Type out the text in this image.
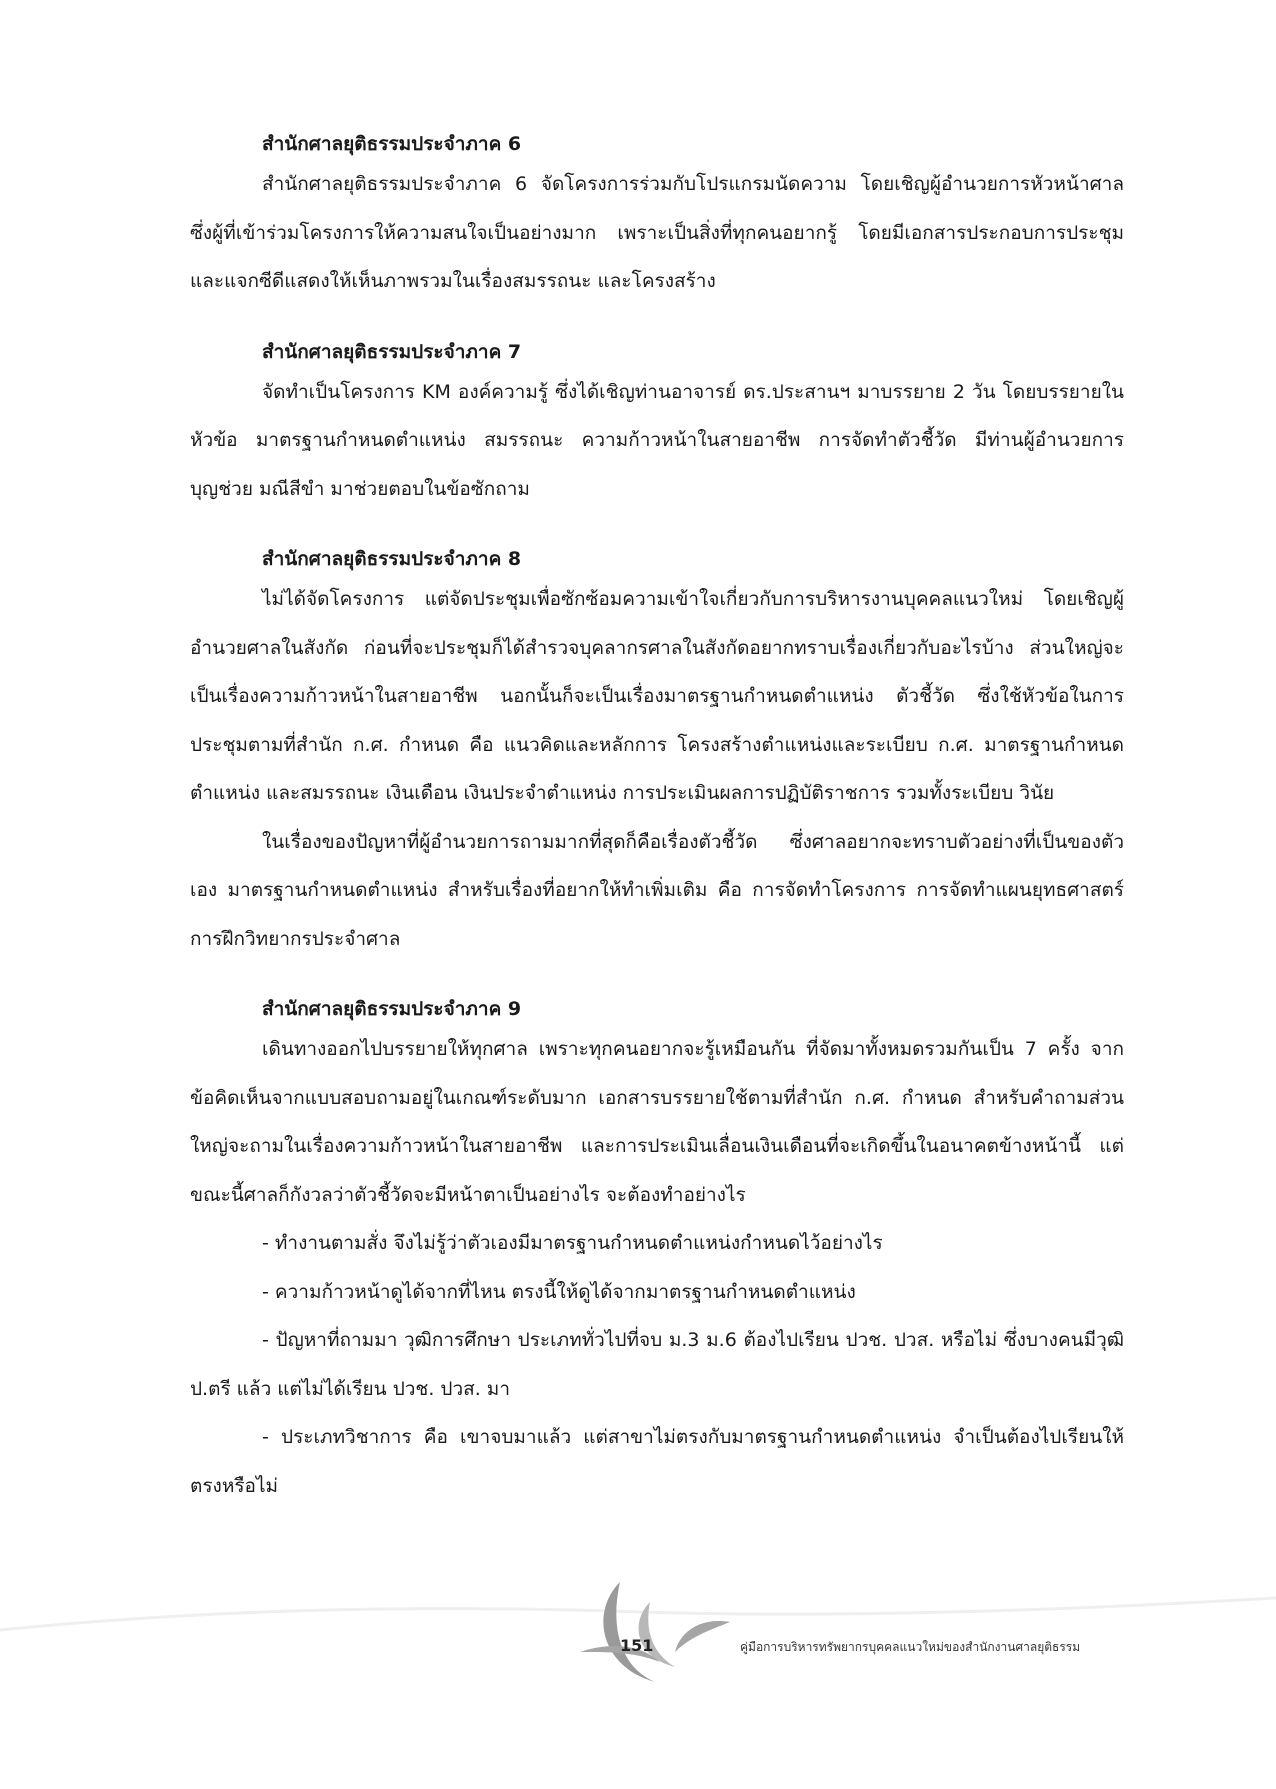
สำนักศาลยุติธรรมประจำภาค 6

สำนักศาลยุติธรรมประจำภาค 6 จัดโครงการร่วมกับโปรแกรมนัดความ โดยเชิญผู้อำนวยการหัวหน้าศาล ซึ่งผู้ที่เข้าร่วมโครงการให้ความสนใจเป็นอย่างมาก เพราะเป็นสิ่งที่ทุกคนอยากรู้ โดยมีเอกสารประกอบการประชุม และแจกซีดีแสดงให้เห็นภาพรวมในเรื่องสมรรถนะ และโครงสร้าง

สำนักศาลยุติธรรมประจำภาค 7

จัดทำเป็นโครงการ KM องค์ความรู้ ซึ่งได้เชิญท่านอาจารย์ ดร.ประสานฯ มาบรรยาย 2 วัน โดยบรรยายในหัวข้อ มาตรฐานกำหนดตำแหน่ง สมรรถนะ ความก้าวหน้าในสายอาชีพ การจัดทำตัวชี้วัด มีท่านผู้อำนวยการบุญช่วย มณีสีขำ มาช่วยตอบในข้อซักถาม

สำนักศาลยุติธรรมประจำภาค 8

ไม่ได้จัดโครงการ แต่จัดประชุมเพื่อซักซ้อมความเข้าใจเกี่ยวกับการบริหารงานบุคคลแนวใหม่ โดยเชิญผู้อำนวยศาลในสังกัด ก่อนที่จะประชุมก็ได้สำรวจบุคลากรศาลในสังกัดอยากทราบเรื่องเกี่ยวกับอะไรบ้าง ส่วนใหญ่จะเป็นเรื่องความก้าวหน้าในสายอาชีพ นอกนั้นก็จะเป็นเรื่องมาตรฐานกำหนดตำแหน่ง ตัวชี้วัด ซึ่งใช้หัวข้อในการประชุมตามที่สำนัก ก.ศ. กำหนด คือ แนวคิดและหลักการ โครงสร้างตำแหน่งและระเบียบ ก.ศ. มาตรฐานกำหนดตำแหน่ง และสมรรถนะ เงินเดือน เงินประจำตำแหน่ง การประเมินผลการปฏิบัติราชการ รวมทั้งระเบียบ วินัย

ในเรื่องของปัญหาที่ผู้อำนวยการถามมากที่สุดก็คือเรื่องตัวชี้วัด ซึ่งศาลอยากจะทราบตัวอย่างที่เป็นของตัวเอง มาตรฐานกำหนดตำแหน่ง สำหรับเรื่องที่อยากให้ทำเพิ่มเติม คือ การจัดทำโครงการ การจัดทำแผนยุทธศาสตร์ การฝึกวิทยากรประจำศาล

สำนักศาลยุติธรรมประจำภาค 9

เดินทางออกไปบรรยายให้ทุกศาล เพราะทุกคนอยากจะรู้เหมือนกัน ที่จัดมาทั้งหมดรวมกันเป็น 7 ครั้ง จากข้อคิดเห็นจากแบบสอบถามอยู่ในเกณฑ์ระดับมาก เอกสารบรรยายใช้ตามที่สำนัก ก.ศ. กำหนด สำหรับคำถามส่วนใหญ่จะถามในเรื่องความก้าวหน้าในสายอาชีพ และการประเมินเลื่อนเงินเดือนที่จะเกิดขึ้นในอนาคตข้างหน้านี้ แต่ขณะนี้ศาลก็กังวลว่าตัวชี้วัดจะมีหน้าตาเป็นอย่างไร จะต้องทำอย่างไร

- ทำงานตามสั่ง จึงไม่รู้ว่าตัวเองมีมาตรฐานกำหนดตำแหน่งกำหนดไว้อย่างไร

- ความก้าวหน้าดูได้จากที่ไหน ตรงนี้ให้ดูได้จากมาตรฐานกำหนดตำแหน่ง

- ปัญหาที่ถามมา วุฒิการศึกษา ประเภททั่วไปที่จบ ม.3 ม.6 ต้องไปเรียน ปวช. ปวส. หรือไม่ ซึ่งบางคนมีวุฒิ ป.ตรี แล้ว แต่ไม่ได้เรียน ปวช. ปวส. มา

- ประเภทวิชาการ คือ เขาจบมาแล้ว แต่สาขาไม่ตรงกับมาตรฐานกำหนดตำแหน่ง จำเป็นต้องไปเรียนให้ตรงหรือไม่

151	คู่มือการบริหารทรัพยากรบุคคลแนวใหม่ของสำนักงานศาลยุติธรรม
